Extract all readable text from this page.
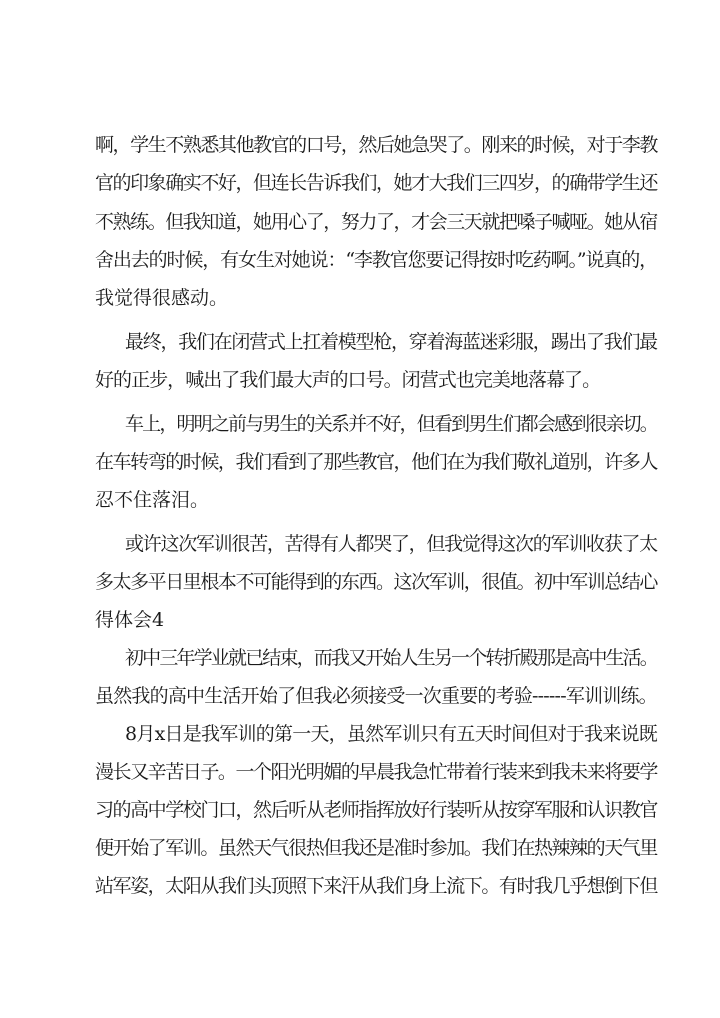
啊，学生不熟悉其他教官的口号，然后她急哭了。刚来的时候，对于李教
官的印象确实不好，但连长告诉我们，她才大我们三四岁，的确带学生还
不熟练。但我知道，她用心了，努力了，才会三天就把嗓子喊哑。她从宿
舍出去的时候，有女生对她说：“李教官您要记得按时吃药啊。”说真的，
我觉得很感动。
最终，我们在闭营式上扛着模型枪，穿着海蓝迷彩服，踢出了我们最
好的正步，喊出了我们最大声的口号。闭营式也完美地落幕了。
车上，明明之前与男生的关系并不好，但看到男生们都会感到很亲切。
在车转弯的时候，我们看到了那些教官，他们在为我们敬礼道别，许多人
忍不住落泪。
或许这次军训很苦，苦得有人都哭了，但我觉得这次的军训收获了太
多太多平日里根本不可能得到的东西。这次军训，很值。初中军训总结心
得体会4
初中三年学业就已结束，而我又开始人生另一个转折殿那是高中生活。
虽然我的高中生活开始了但我必须接受一次重要的考验------军训训练。
8月x日是我军训的第一天，虽然军训只有五天时间但对于我来说既
漫长又辛苦日子。一个阳光明媚的早晨我急忙带着行装来到我未来将要学
习的高中学校门口，然后听从老师指挥放好行装听从按穿军服和认识教官
便开始了军训。虽然天气很热但我还是准时参加。我们在热辣辣的天气里
站军姿，太阳从我们头顶照下来汗从我们身上流下。有时我几乎想倒下但
